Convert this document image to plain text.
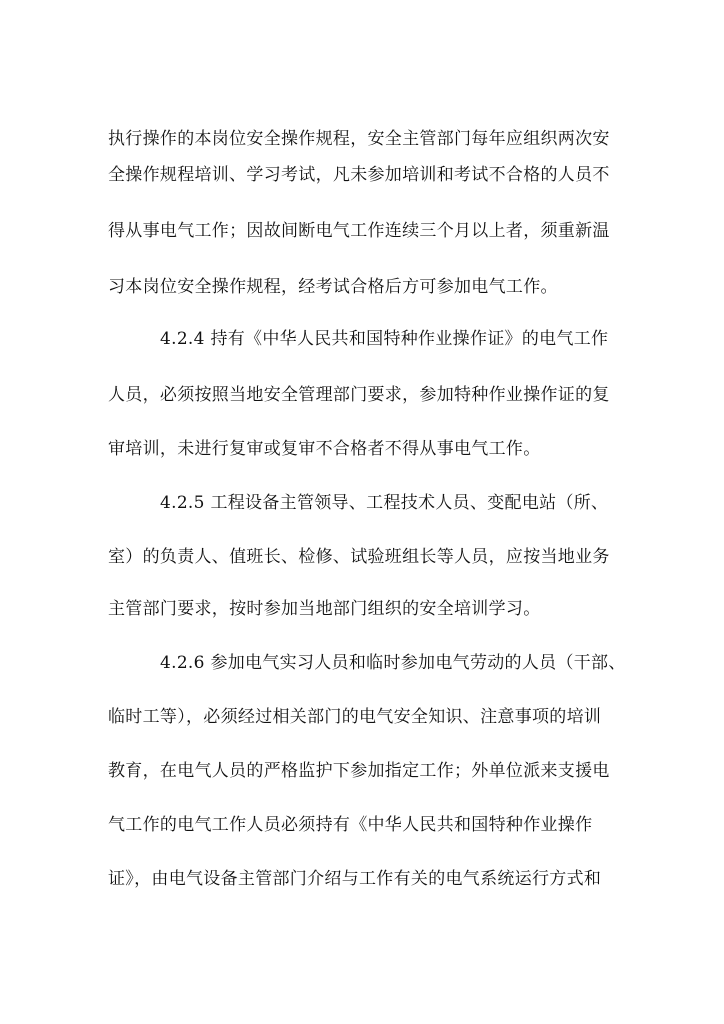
执行操作的本岗位安全操作规程，安全主管部门每年应组织两次安
全操作规程培训、学习考试，凡未参加培训和考试不合格的人员不
得从事电气工作；因故间断电气工作连续三个月以上者，须重新温
习本岗位安全操作规程，经考试合格后方可参加电气工作。
4.2.4 持有《中华人民共和国特种作业操作证》的电气工作
人员，必须按照当地安全管理部门要求，参加特种作业操作证的复
审培训，未进行复审或复审不合格者不得从事电气工作。
4.2.5 工程设备主管领导、工程技术人员、变配电站（所、
室）的负责人、值班长、检修、试验班组长等人员，应按当地业务
主管部门要求，按时参加当地部门组织的安全培训学习。
4.2.6 参加电气实习人员和临时参加电气劳动的人员（干部、
临时工等），必须经过相关部门的电气安全知识、注意事项的培训
教育，在电气人员的严格监护下参加指定工作；外单位派来支援电
气工作的电气工作人员必须持有《中华人民共和国特种作业操作
证》，由电气设备主管部门介绍与工作有关的电气系统运行方式和
